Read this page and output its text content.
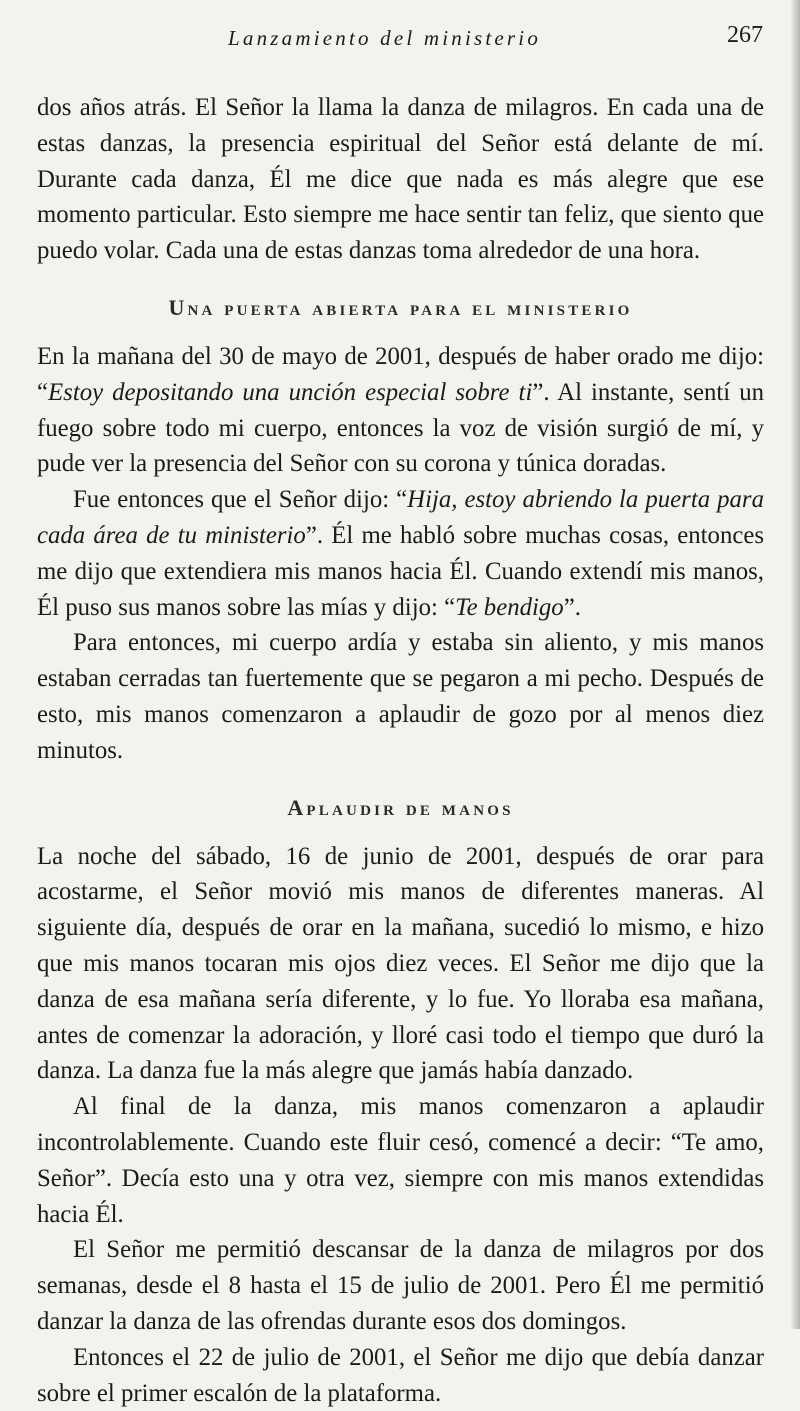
Lanzamiento del ministerio	267

dos años atrás. El Señor la llama la danza de milagros. En cada una de estas danzas, la presencia espiritual del Señor está delante de mí. Durante cada danza, Él me dice que nada es más alegre que ese momento particular. Esto siempre me hace sentir tan feliz, que siento que puedo volar. Cada una de estas danzas toma alrededor de una hora.

Una puerta abierta para el ministerio

En la mañana del 30 de mayo de 2001, después de haber orado me dijo: “Estoy depositando una unción especial sobre ti”. Al instante, sentí un fuego sobre todo mi cuerpo, entonces la voz de visión surgió de mí, y pude ver la presencia del Señor con su corona y túnica doradas.

Fue entonces que el Señor dijo: “Hija, estoy abriendo la puerta para cada área de tu ministerio”. Él me habló sobre muchas cosas, entonces me dijo que extendiera mis manos hacia Él. Cuando extendí mis manos, Él puso sus manos sobre las mías y dijo: “Te bendigo”.

Para entonces, mi cuerpo ardía y estaba sin aliento, y mis manos estaban cerradas tan fuertemente que se pegaron a mi pecho. Después de esto, mis manos comenzaron a aplaudir de gozo por al menos diez minutos.

Aplaudir de manos

La noche del sábado, 16 de junio de 2001, después de orar para acostarme, el Señor movió mis manos de diferentes maneras. Al siguiente día, después de orar en la mañana, sucedió lo mismo, e hizo que mis manos tocaran mis ojos diez veces. El Señor me dijo que la danza de esa mañana sería diferente, y lo fue. Yo lloraba esa mañana, antes de comenzar la adoración, y lloré casi todo el tiempo que duró la danza. La danza fue la más alegre que jamás había danzado.

Al final de la danza, mis manos comenzaron a aplaudir incontrolablemente. Cuando este fluir cesó, comencé a decir: “Te amo, Señor”. Decía esto una y otra vez, siempre con mis manos extendidas hacia Él.

El Señor me permitió descansar de la danza de milagros por dos semanas, desde el 8 hasta el 15 de julio de 2001. Pero Él me permitió danzar la danza de las ofrendas durante esos dos domingos.

Entonces el 22 de julio de 2001, el Señor me dijo que debía danzar sobre el primer escalón de la plataforma.
